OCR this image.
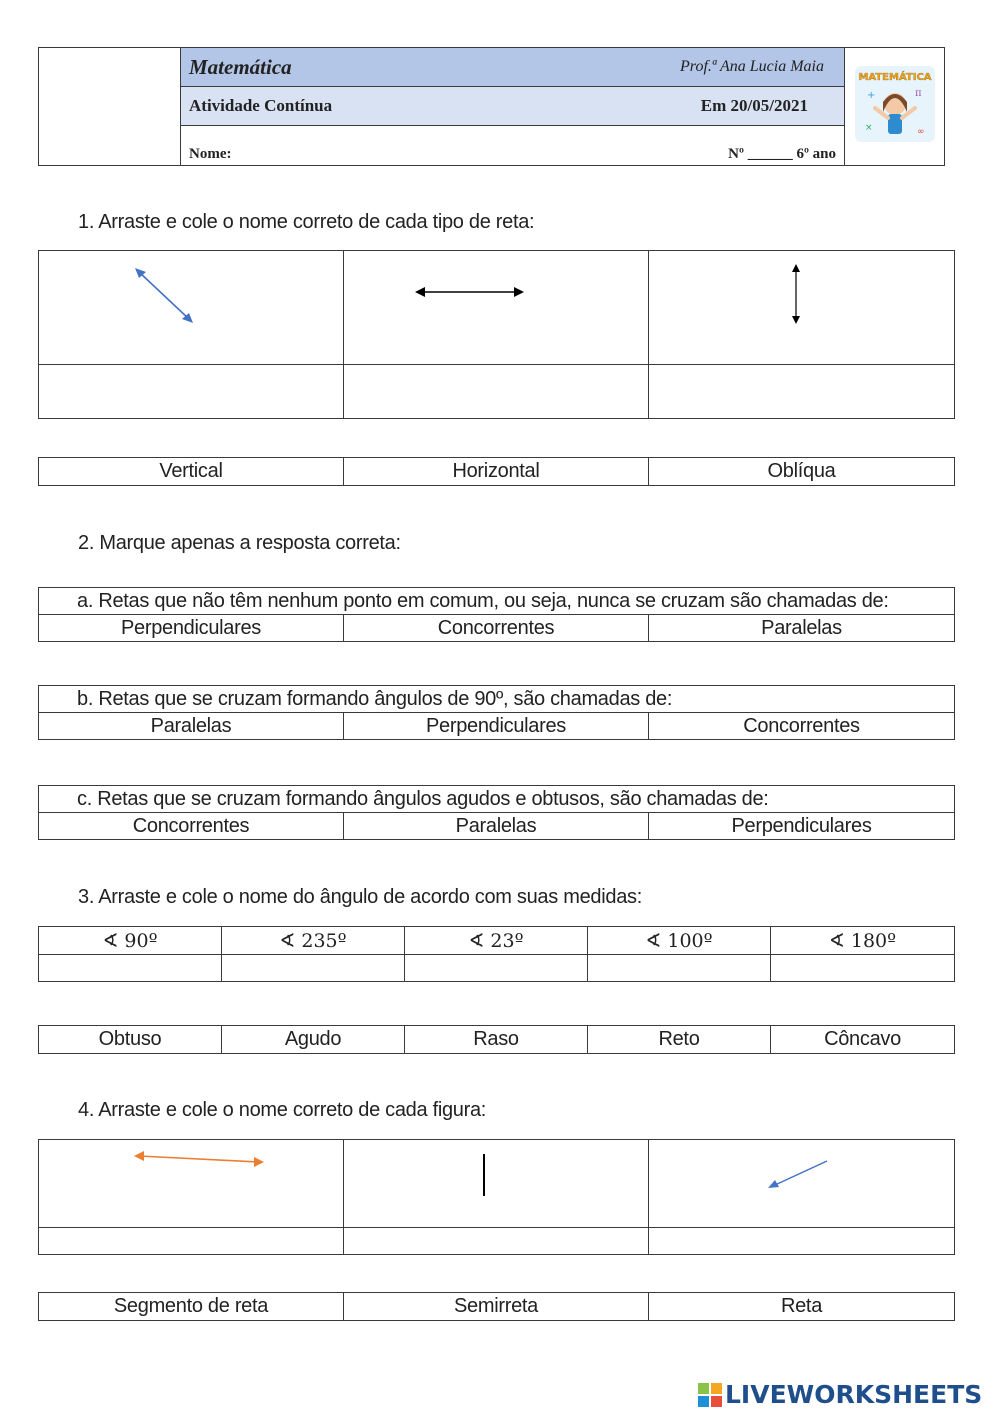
Matemática	Prof.ª Ana Lucia Maia

MATEMÁTICA
+	π
×	∞

Atividade Contínua	Em 20/05/2021

Nome:	Nº ______ 6º ano
1. Arraste e cole o nome correto de cada tipo de reta:

Vertical	Horizontal	Oblíqua
2. Marque apenas a resposta correta:
a. Retas que não têm nenhum ponto em comum, ou seja, nunca se cruzam são chamadas de:
Perpendiculares	Concorrentes	Paralelas
b. Retas que se cruzam formando ângulos de 90º, são chamadas de:
Paralelas	Perpendiculares	Concorrentes
c. Retas que se cruzam formando ângulos agudos e obtusos, são chamadas de:
Concorrentes	Paralelas	Perpendiculares
3. Arraste e cole o nome do ângulo de acordo com suas medidas:
∢ 90º	∢ 235º	∢ 23º	∢ 100º	∢ 180º

Obtuso	Agudo	Raso	Reto	Côncavo
4. Arraste e cole o nome correto de cada figura:

Segmento de reta	Semirreta	Reta
LIVEWORKSHEETS
